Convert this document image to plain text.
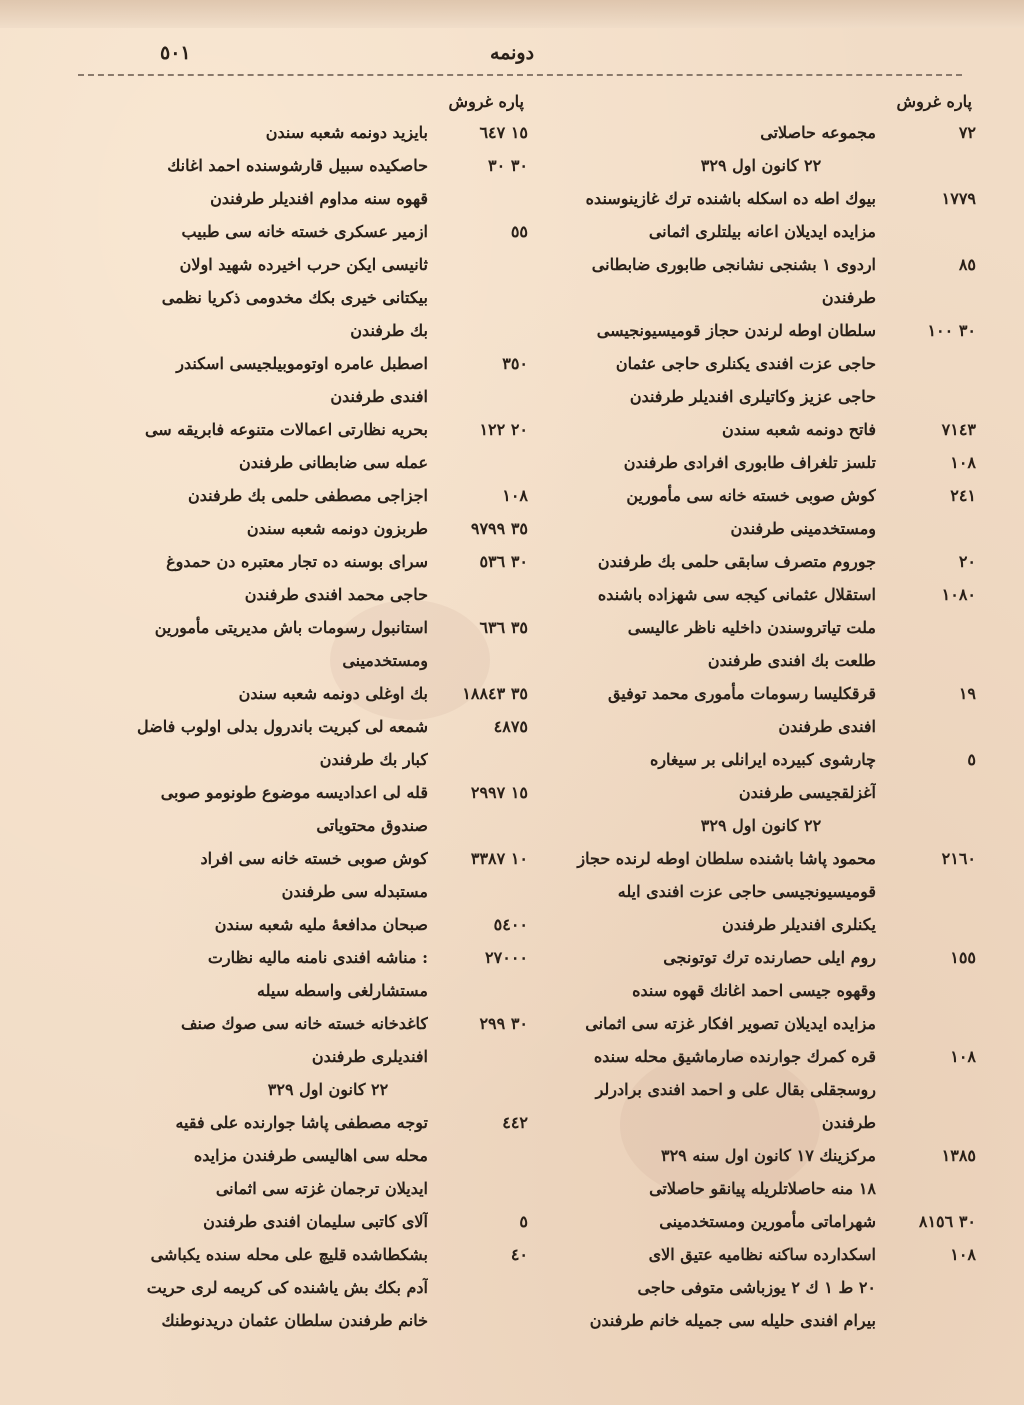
دونمه
٥٠١
پاره غروش
٧٢
مجموعه حاصلاتی
٢٢ كانون اول ٣٢٩
١٧٧٩
بیوك اطه ده اسكله باشنده ترك غازینوسنده
مزایده ایدیلان اعانه بیلتلری اثمانی
٨٥
اردوی ١ بشنجی نشانجی طابوری ضابطانی
طرفندن
٣٠ ١٠٠
سلطان اوطه لرندن حجاز قومیسیونجیسی
حاجی عزت افندی یكنلری حاجی عثمان
حاجی عزیز وكاتیلری افندیلر طرفندن
٧١٤٣
فاتح دونمه شعبه سندن
١٠٨
تلسز تلغراف طابوری افرادی طرفندن
٢٤١
كوش صوبی خسته خانه سی مأمورین
ومستخدمینی طرفندن
٢٠
جوروم متصرف سابقی حلمی بك طرفندن
١٠٨٠
استقلال عثمانی كیجه سی شهزاده باشنده
ملت تیاتروسندن داخلیه ناظر عالیسی
طلعت بك افندی طرفندن
١٩
قرقكلیسا رسومات مأموری محمد توفیق
افندی طرفندن
٥
چارشوی كبیرده ایرانلی بر سیغاره
آغزلقجیسی طرفندن
٢٢ كانون اول ٣٢٩
٢١٦٠
محمود پاشا باشنده سلطان اوطه لرنده حجاز
قومیسیونجیسی حاجی عزت افندی ایله
یكنلری افندیلر طرفندن
١٥٥
روم ایلی حصارنده ترك توتونجی
وقهوه جیسی احمد اغانك قهوه سنده
مزایده ایدیلان تصویر افكار غزته سی اثمانی
١٠٨
قره كمرك جوارنده صارماشیق محله سنده
روسجقلی بقال علی و احمد افندی برادرلر
طرفندن
١٣٨٥
مركزینك ١٧ كانون اول سنه ٣٢٩
١٨ منه حاصلاتلریله پیانقو حاصلاتی
٣٠ ٨١٥٦
شهراماتی مأمورین ومستخدمینی
١٠٨
اسكدارده ساكنه نظامیه عتیق الای
٢٠ ط ١ ك ٢ یوزباشی متوفی حاجی
بیرام افندی حلیله سی جمیله خانم طرفندن
پاره غروش
١٥ ٦٤٧
بایزید دونمه شعبه سندن
٣٠ ٣٠
حاصكیده سبیل قارشوسنده احمد اغانك
قهوه سنه مداوم افندیلر طرفندن
٥٥
ازمیر عسكری خسته خانه سی طبیب
ثانیسی ایكن حرب اخیرده شهید اولان
بیكتانی خیری بكك مخدومی ذكریا نظمی
بك طرفندن
٣٥٠
اصطبل عامره اوتوموبیلجیسی اسكندر
افندی طرفندن
٢٠ ١٢٢
بحریه نظارتی اعمالات متنوعه فابریقه سی
عمله سی ضابطانی طرفندن
١٠٨
اجزاجی مصطفی حلمی بك طرفندن
٣٥ ٩٧٩٩
طربزون دونمه شعبه سندن
٣٠ ٥٣٦
سرای بوسنه ده تجار معتبره دن حمدوغ
حاجی محمد افندی طرفندن
٣٥ ٦٣٦
استانبول رسومات باش مدیریتی مأمورین
ومستخدمینی
٣٥ ١٨٨٤٣
بك اوغلی دونمه شعبه سندن
٤٨٧٥
شمعه لی كبریت باندرول بدلی اولوب فاضل
كبار بك طرفندن
١٥ ٢٩٩٧
قله لی اعدادیسه موضوع طونومو صوبی
صندوق محتویاتی
١٠ ٣٣٨٧
كوش صوبی خسته خانه سی افراد
مستبدله سی طرفندن
٥٤٠٠
صبحان مدافعهٔ ملیه شعبه سندن
٢٧٠٠٠
: مناشه افندی نامنه مالیه نظارت
مستشارلغی واسطه سیله
٣٠ ٢٩٩
كاغدخانه خسته خانه سی صوك صنف
افندیلری طرفندن
٢٢ كانون اول ٣٢٩
٤٤٢
توجه مصطفی پاشا جوارنده علی فقیه
محله سی اهالیسی طرفندن مزایده
ایدیلان ترجمان غزته سی اثمانی
٥
آلای كاتبی سلیمان افندی طرفندن
٤٠
بشكطاشده قلیچ علی محله سنده یكباشی
آدم بكك بش یاشنده كی كریمه لری حریت
خانم طرفندن سلطان عثمان دریدنوطنك
